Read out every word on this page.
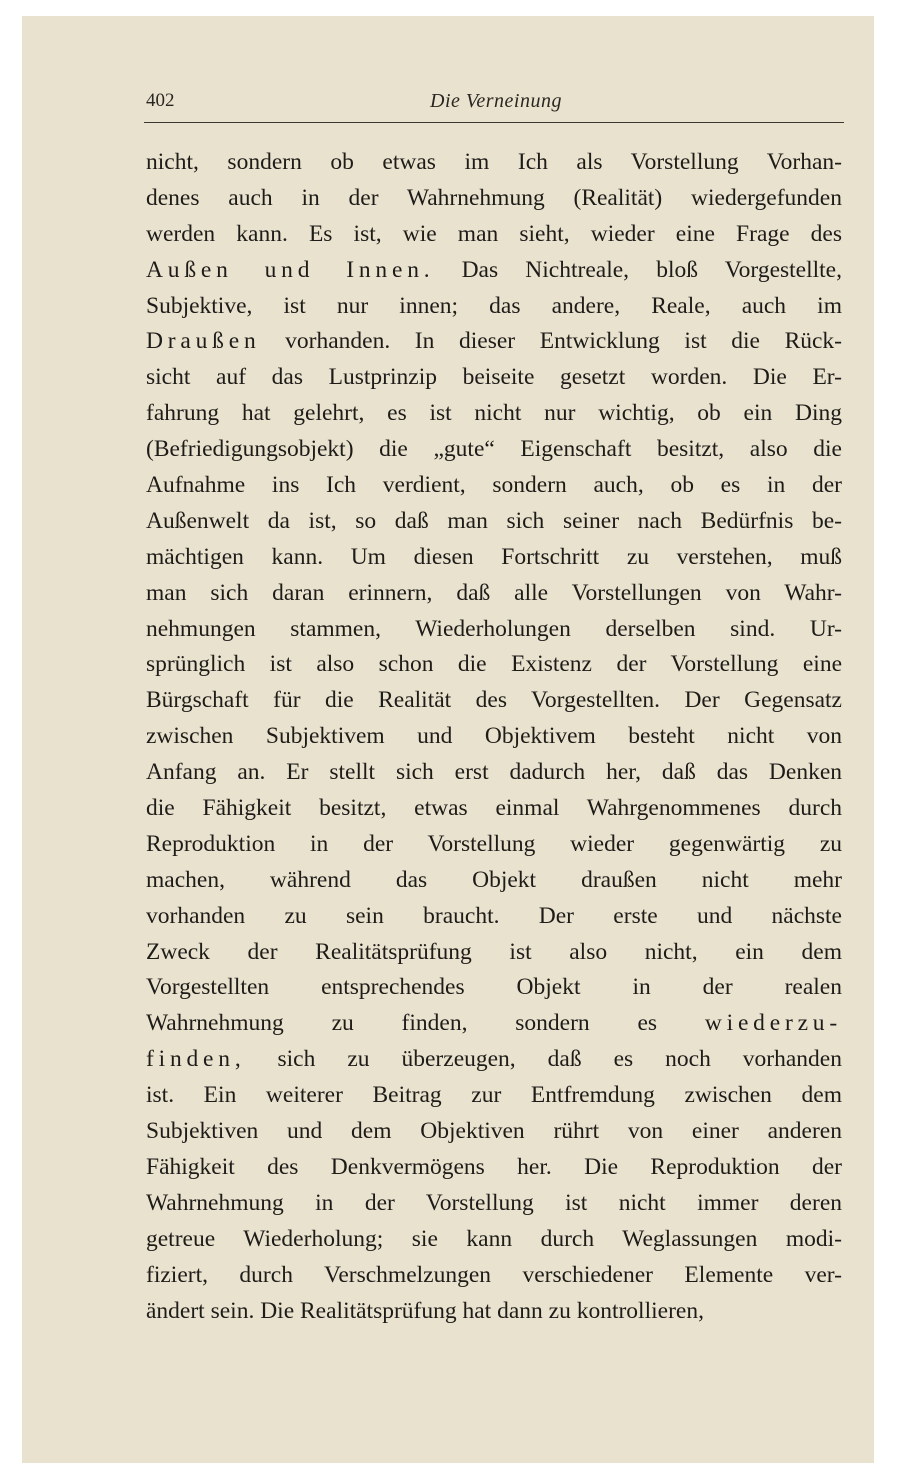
402	Die Verneinung
nicht, sondern ob etwas im Ich als Vorstellung Vorhan-
denes auch in der Wahrnehmung (Realität) wiedergefunden
werden kann. Es ist, wie man sieht, wieder eine Frage des
Außen und Innen. Das Nichtreale, bloß Vorgestellte,
Subjektive, ist nur innen; das andere, Reale, auch im
Draußen vorhanden. In dieser Entwicklung ist die Rück-
sicht auf das Lustprinzip beiseite gesetzt worden. Die Er-
fahrung hat gelehrt, es ist nicht nur wichtig, ob ein Ding
(Befriedigungsobjekt) die „gute“ Eigenschaft besitzt, also die
Aufnahme ins Ich verdient, sondern auch, ob es in der
Außenwelt da ist, so daß man sich seiner nach Bedürfnis be-
mächtigen kann. Um diesen Fortschritt zu verstehen, muß
man sich daran erinnern, daß alle Vorstellungen von Wahr-
nehmungen stammen, Wiederholungen derselben sind. Ur-
sprünglich ist also schon die Existenz der Vorstellung eine
Bürgschaft für die Realität des Vorgestellten. Der Gegensatz
zwischen Subjektivem und Objektivem besteht nicht von
Anfang an. Er stellt sich erst dadurch her, daß das Denken
die Fähigkeit besitzt, etwas einmal Wahrgenommenes durch
Reproduktion in der Vorstellung wieder gegenwärtig zu
machen, während das Objekt draußen nicht mehr
vorhanden zu sein braucht. Der erste und nächste
Zweck der Realitätsprüfung ist also nicht, ein dem
Vorgestellten entsprechendes Objekt in der realen
Wahrnehmung zu finden, sondern es wiederzu-
finden, sich zu überzeugen, daß es noch vorhanden
ist. Ein weiterer Beitrag zur Entfremdung zwischen dem
Subjektiven und dem Objektiven rührt von einer anderen
Fähigkeit des Denkvermögens her. Die Reproduktion der
Wahrnehmung in der Vorstellung ist nicht immer deren
getreue Wiederholung; sie kann durch Weglassungen modi-
fiziert, durch Verschmelzungen verschiedener Elemente ver-
ändert sein. Die Realitätsprüfung hat dann zu kontrollieren,
